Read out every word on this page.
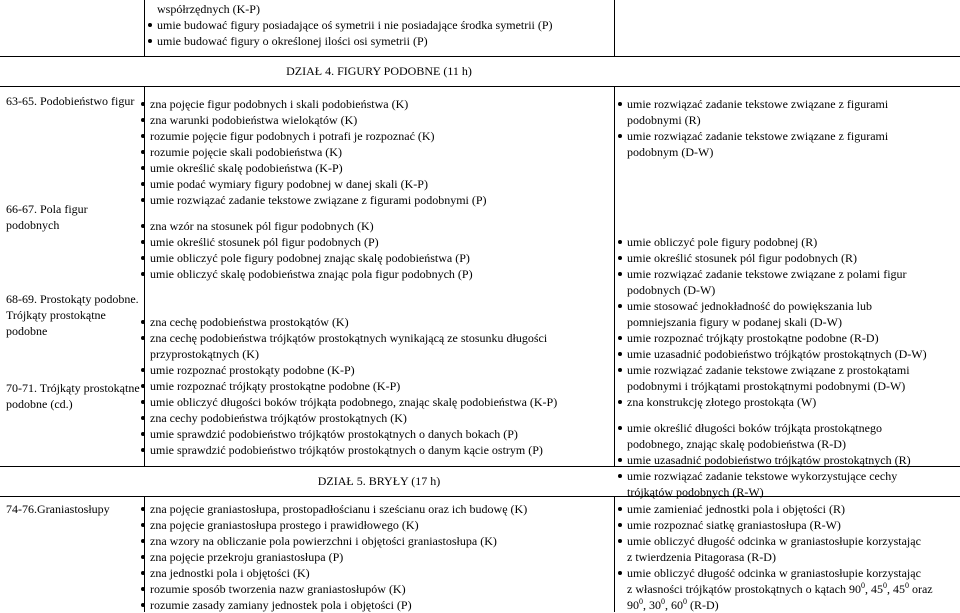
współrzędnych (K-P)
umie budować figury posiadające oś symetrii i nie posiadające środka symetrii (P)
umie budować figury o określonej ilości osi symetrii (P)
DZIAŁ 4. FIGURY PODOBNE (11 h)
63-65. Podobieństwo figur
66-67. Pola figur podobnych
68-69. Prostokąty podobne. Trójkąty prostokątne podobne
70-71. Trójkąty prostokątne podobne (cd.)
zna pojęcie figur podobnych i skali podobieństwa (K)
zna warunki podobieństwa wielokątów (K)
rozumie pojęcie figur podobnych i potrafi je rozpoznać (K)
rozumie pojęcie skali podobieństwa (K)
umie określić skalę podobieństwa (K-P)
umie podać wymiary figury podobnej w danej skali (K-P)
umie rozwiązać zadanie tekstowe związane z figurami podobnymi (P)
zna wzór na stosunek pól figur podobnych (K)
umie określić stosunek pól figur podobnych (P)
umie obliczyć pole figury podobnej znając skalę podobieństwa (P)
umie obliczyć skalę podobieństwa znając pola figur podobnych (P)
zna cechę podobieństwa prostokątów (K)
zna cechę podobieństwa trójkątów prostokątnych wynikającą ze stosunku długości
przyprostokątnych (K)
umie rozpoznać prostokąty podobne (K-P)
umie rozpoznać trójkąty prostokątne podobne (K-P)
umie obliczyć długości boków trójkąta podobnego, znając skalę podobieństwa (K-P)
zna cechy podobieństwa trójkątów prostokątnych (K)
umie sprawdzić podobieństwo trójkątów prostokątnych o danych bokach (P)
umie sprawdzić podobieństwo trójkątów prostokątnych o danym kącie ostrym (P)
umie rozwiązać zadanie tekstowe związane z figurami
podobnymi (R)
umie rozwiązać zadanie tekstowe związane z figurami
podobnym (D-W)
umie obliczyć pole figury podobnej (R)
umie określić stosunek pól figur podobnych (R)
umie rozwiązać zadanie tekstowe związane z polami figur
podobnych (D-W)
umie stosować jednokładność do powiększania lub
pomniejszania figury w podanej skali (D-W)
umie rozpoznać trójkąty prostokątne podobne (R-D)
umie uzasadnić podobieństwo trójkątów prostokątnych (D-W)
umie rozwiązać zadanie tekstowe związane z prostokątami
podobnymi i trójkątami prostokątnymi podobnymi (D-W)
zna konstrukcję złotego prostokąta (W)
umie określić długości boków trójkąta prostokątnego
podobnego, znając skalę podobieństwa (R-D)
umie uzasadnić podobieństwo trójkątów prostokątnych (R)
umie rozwiązać zadanie tekstowe wykorzystujące cechy
trójkątów podobnych (R-W)
DZIAŁ 5. BRYŁY (17 h)
74-76.Graniastosłupy	zna pojęcie graniastosłupa, prostopadłościanu i sześcianu oraz ich budowę (K)
zna pojęcie graniastosłupa prostego i prawidłowego (K)
zna wzory na obliczanie pola powierzchni i objętości graniastosłupa (K)
zna pojęcie przekroju graniastosłupa (P)
zna jednostki pola i objętości (K)
rozumie sposób tworzenia nazw graniastosłupów (K)
rozumie zasady zamiany jednostek pola i objętości (P)
umie zamieniać jednostki pola i objętości (R)
umie rozpoznać siatkę graniastosłupa (R-W)
umie obliczyć długość odcinka w graniastosłupie korzystając
z twierdzenia Pitagorasa (R-D)
umie obliczyć długość odcinka w graniastosłupie korzystając
z własności trójkątów prostokątnych o kątach $90^0$, $45^0$, $45^0$ oraz
$90^0$, $30^0$, $60^0$ (R-D)
